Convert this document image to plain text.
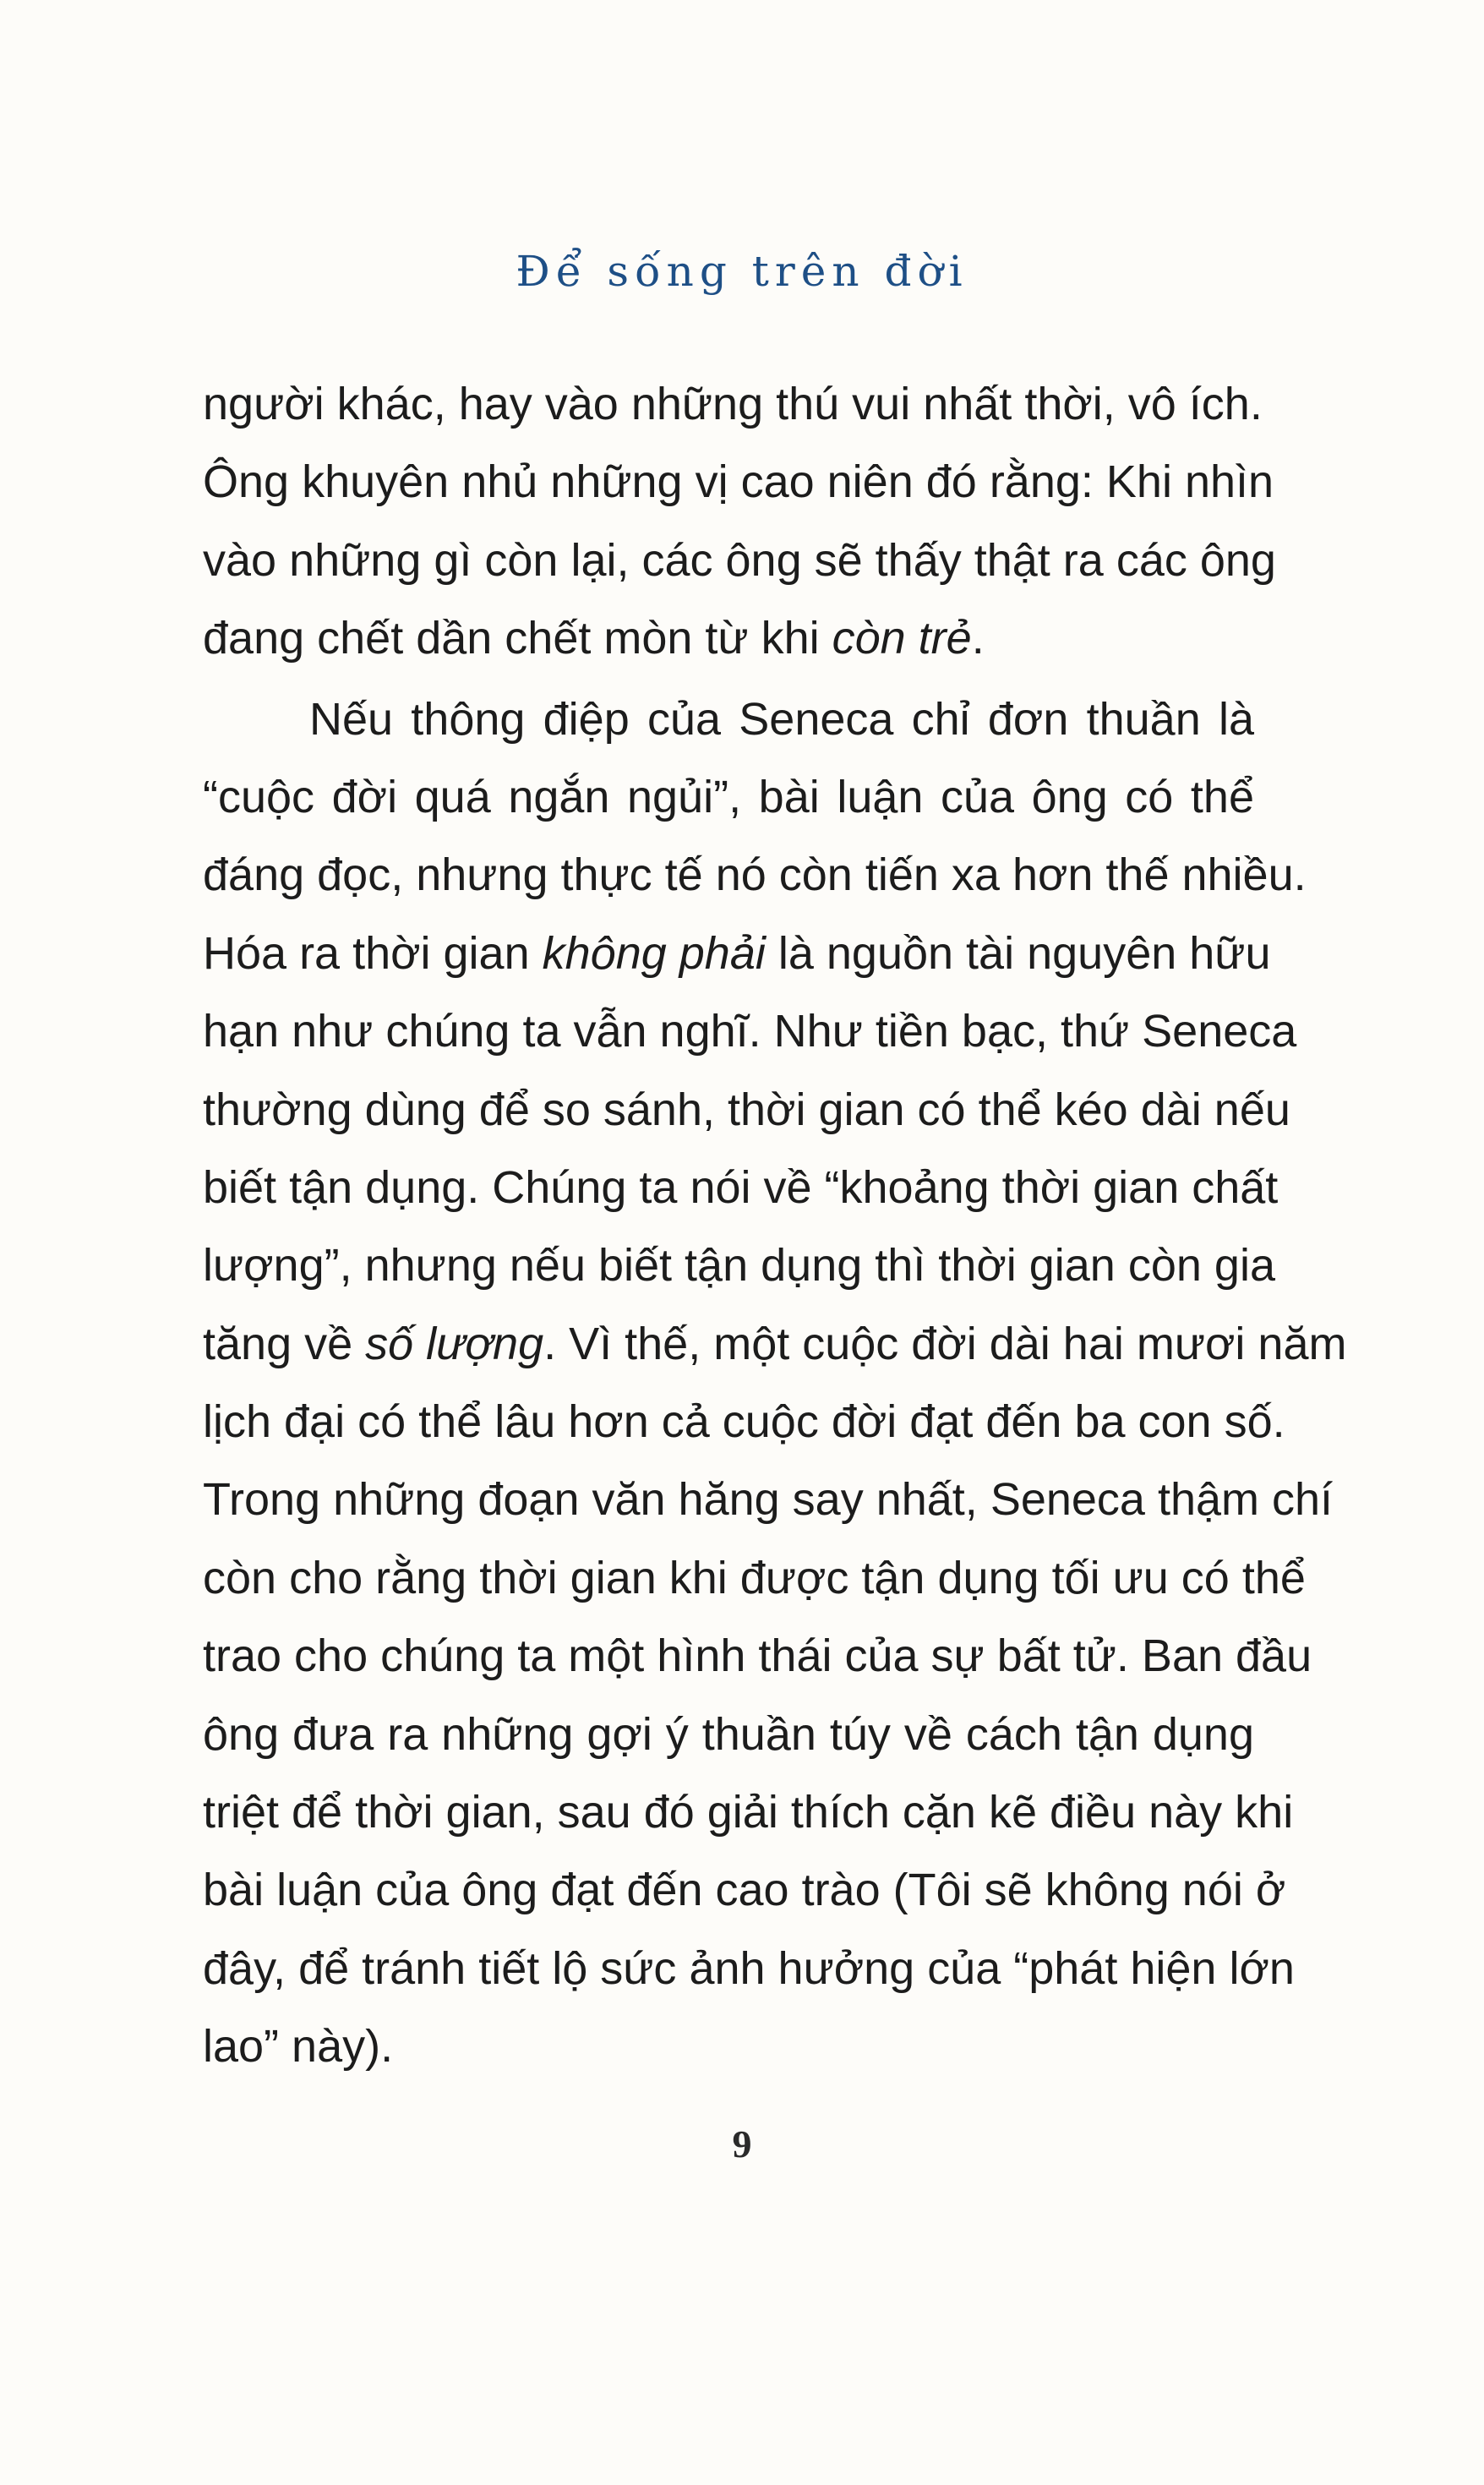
Để sống trên đời
người khác, hay vào những thú vui nhất thời, vô ích.
Ông khuyên nhủ những vị cao niên đó rằng: Khi nhìn
vào những gì còn lại, các ông sẽ thấy thật ra các ông
đang chết dần chết mòn từ khi còn trẻ.
Nếu thông điệp của Seneca chỉ đơn thuần là
“cuộc đời quá ngắn ngủi”, bài luận của ông có thể
đáng đọc, nhưng thực tế nó còn tiến xa hơn thế nhiều.
Hóa ra thời gian không phải là nguồn tài nguyên hữu
hạn như chúng ta vẫn nghĩ. Như tiền bạc, thứ Seneca
thường dùng để so sánh, thời gian có thể kéo dài nếu
biết tận dụng. Chúng ta nói về “khoảng thời gian chất
lượng”, nhưng nếu biết tận dụng thì thời gian còn gia
tăng về số lượng. Vì thế, một cuộc đời dài hai mươi năm
lịch đại có thể lâu hơn cả cuộc đời đạt đến ba con số.
Trong những đoạn văn hăng say nhất, Seneca thậm chí
còn cho rằng thời gian khi được tận dụng tối ưu có thể
trao cho chúng ta một hình thái của sự bất tử. Ban đầu
ông đưa ra những gợi ý thuần túy về cách tận dụng
triệt để thời gian, sau đó giải thích cặn kẽ điều này khi
bài luận của ông đạt đến cao trào (Tôi sẽ không nói ở
đây, để tránh tiết lộ sức ảnh hưởng của “phát hiện lớn
lao” này).
9
